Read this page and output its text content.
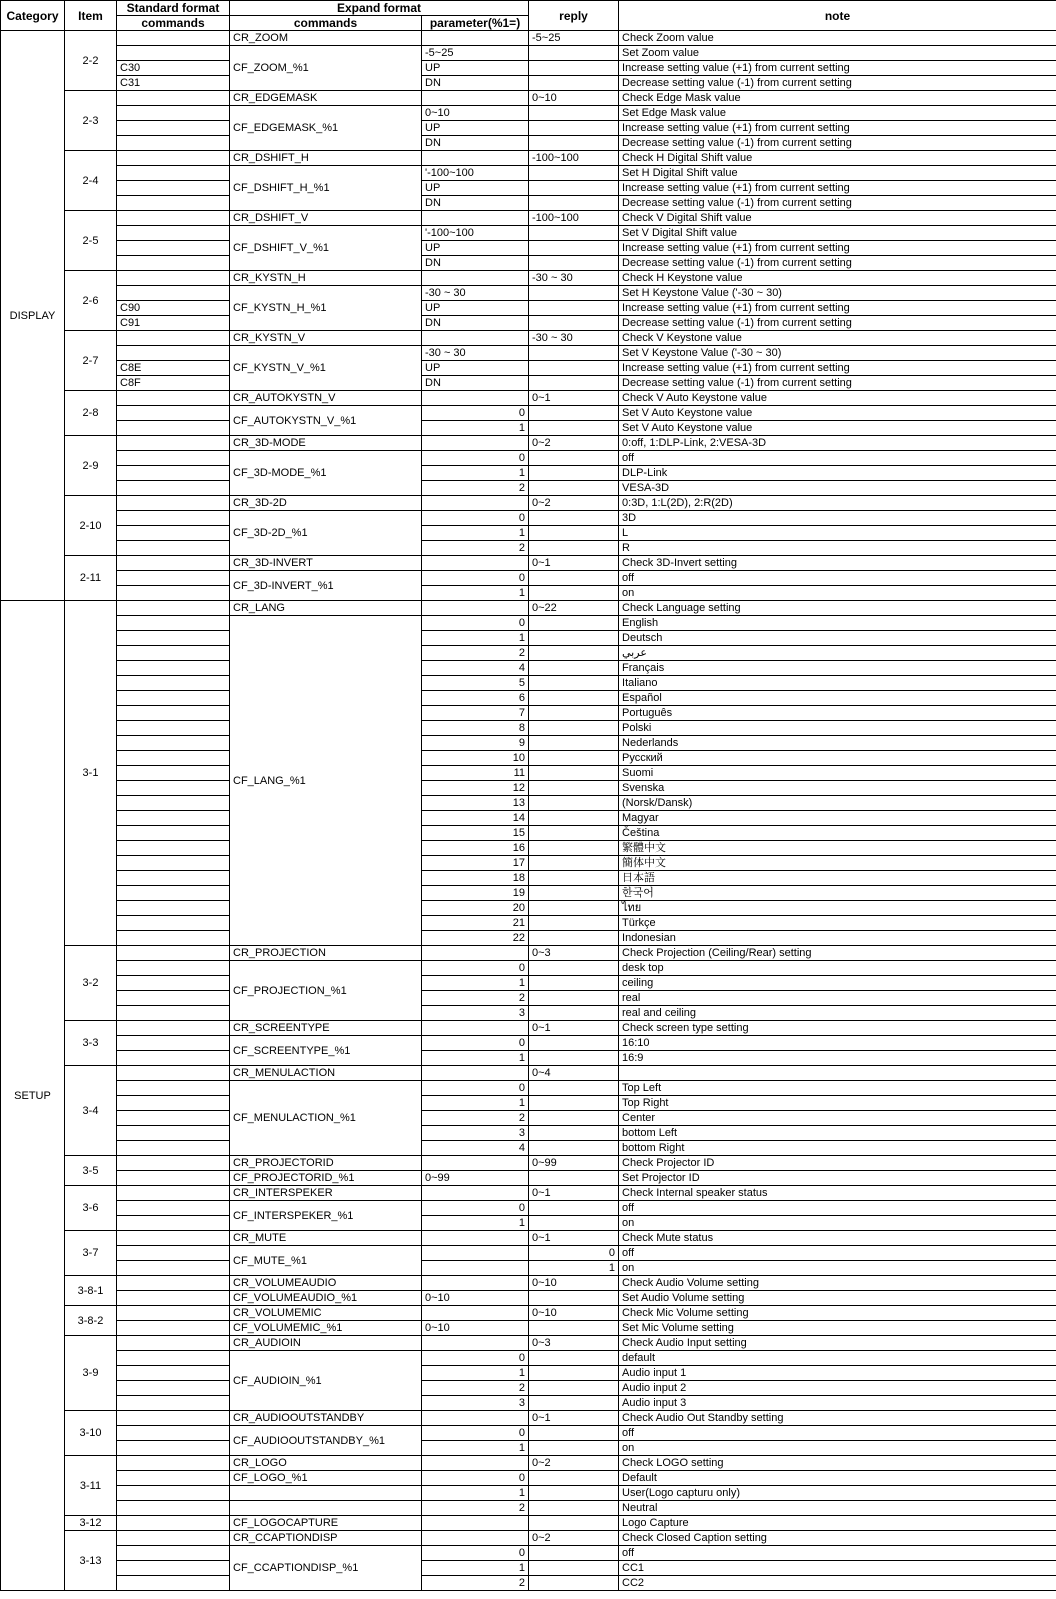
Category	Item	Standard format	Expand format		reply	note
		commands	commands	parameter(%1=)		
DISPLAY	2-2		CR_ZOOM		-5~25	Check Zoom value
			CF_ZOOM_%1	-5~25		Set Zoom value
		C30		UP		Increase setting value (+1) from current setting
		C31		DN		Decrease setting value (-1) from current setting
	2-3		CR_EDGEMASK		0~10	Check Edge Mask value
			CF_EDGEMASK_%1	0~10		Set Edge Mask value
				UP		Increase setting value (+1) from current setting
				DN		Decrease setting value (-1) from current setting
	2-4		CR_DSHIFT_H		-100~100	Check H Digital Shift value
			CF_DSHIFT_H_%1	'-100~100		Set H Digital Shift value
				UP		Increase setting value (+1) from current setting
				DN		Decrease setting value (-1) from current setting
	2-5		CR_DSHIFT_V		-100~100	Check V Digital Shift value
			CF_DSHIFT_V_%1	'-100~100		Set V Digital Shift value
				UP		Increase setting value (+1) from current setting
				DN		Decrease setting value (-1) from current setting
	2-6		CR_KYSTN_H		-30 ~ 30	Check H Keystone value
			CF_KYSTN_H_%1	-30 ~ 30		Set H Keystone Value ('-30 ~ 30)
		C90		UP		Increase setting value (+1) from current setting
		C91		DN		Decrease setting value (-1) from current setting
	2-7		CR_KYSTN_V		-30 ~ 30	Check V Keystone value
			CF_KYSTN_V_%1	-30 ~ 30		Set V Keystone Value ('-30 ~ 30)
		C8E		UP		Increase setting value (+1) from current setting
		C8F		DN		Decrease setting value (-1) from current setting
	2-8		CR_AUTOKYSTN_V		0~1	Check V Auto Keystone value
			CF_AUTOKYSTN_V_%1	0		Set V Auto Keystone value
				1		Set V Auto Keystone value
	2-9		CR_3D-MODE		0~2	0:off, 1:DLP-Link, 2:VESA-3D
			CF_3D-MODE_%1	0		off
				1		DLP-Link
				2		VESA-3D
	2-10		CR_3D-2D		0~2	0:3D, 1:L(2D), 2:R(2D)
			CF_3D-2D_%1	0		3D
				1		L
				2		R
	2-11		CR_3D-INVERT		0~1	Check 3D-Invert setting
			CF_3D-INVERT_%1	0		off
				1		on
SETUP	3-1		CR_LANG		0~22	Check Language setting
			CF_LANG_%1	0		English
				1		Deutsch
				2		عربي
				4		Français
				5		Italiano
				6		Español
				7		Português
				8		Polski
				9		Nederlands
				10		Русский
				11		Suomi
				12		Svenska
				13		(Norsk/Dansk)
				14		Magyar
				15		Čeština
				16		繁體中文
				17		簡体中文
				18		日本語
				19		한국어
				20		ไทย
				21		Türkçe
				22		Indonesian
	3-2		CR_PROJECTION		0~3	Check Projection (Ceiling/Rear) setting
			CF_PROJECTION_%1	0		desk top
				1		ceiling
				2		real
				3		real and ceiling
	3-3		CR_SCREENTYPE		0~1	Check screen type setting
			CF_SCREENTYPE_%1	0		16:10
				1		16:9
	3-4		CR_MENULACTION		0~4	
			CF_MENULACTION_%1	0		Top Left
				1		Top Right
				2		Center
				3		bottom Left
				4		bottom Right
	3-5		CR_PROJECTORID		0~99	Check Projector ID
			CF_PROJECTORID_%1	0~99		Set Projector ID
	3-6		CR_INTERSPEKER		0~1	Check Internal speaker status
			CF_INTERSPEKER_%1	0		off
				1		on
	3-7		CR_MUTE		0~1	Check Mute status
			CF_MUTE_%1		0	off
					1	on
	3-8-1		CR_VOLUMEAUDIO		0~10	Check Audio Volume setting
			CF_VOLUMEAUDIO_%1	0~10		Set Audio Volume setting
	3-8-2		CR_VOLUMEMIC		0~10	Check Mic Volume setting
			CF_VOLUMEMIC_%1	0~10		Set Mic Volume setting
	3-9		CR_AUDIOIN		0~3	Check Audio Input setting
			CF_AUDIOIN_%1	0		default
				1		Audio input 1
				2		Audio input 2
				3		Audio input 3
	3-10		CR_AUDIOOUTSTANDBY		0~1	Check Audio Out Standby setting
			CF_AUDIOOUTSTANDBY_%1	0		off
				1		on
	3-11		CR_LOGO		0~2	Check LOGO setting
			CF_LOGO_%1	0		Default
				1		User(Logo capturu only)
				2		Neutral
	3-12		CF_LOGOCAPTURE			Logo Capture
	3-13		CR_CCAPTIONDISP		0~2	Check Closed Caption setting
			CF_CCAPTIONDISP_%1	0		off
				1		CC1
				2		CC2
